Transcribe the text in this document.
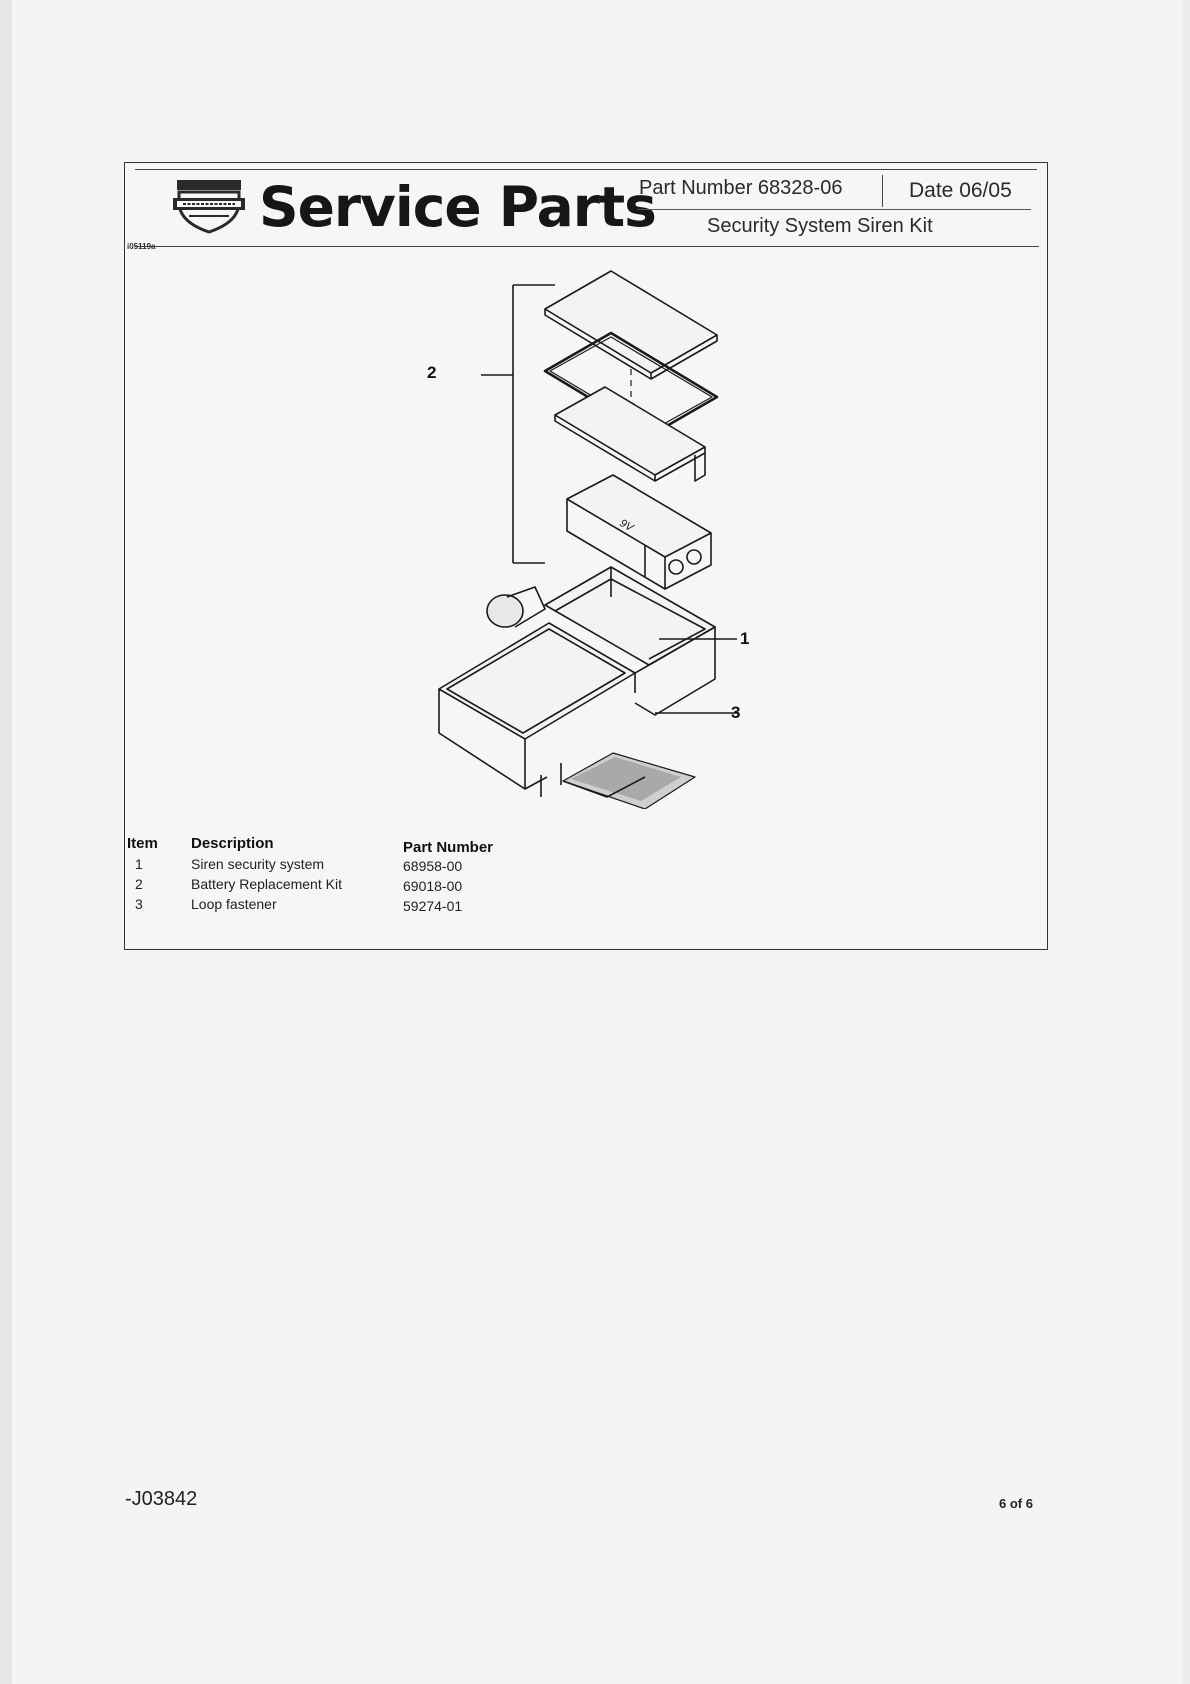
Service Parts
Part Number 68328-06	Date 06/05
Security System Siren Kit
i05119a
9V
2
1
3
Item Description	Part Number
1	Siren security system	68958-00
2	Battery Replacement Kit	69018-00
3	Loop fastener	59274-01
-J03842	6 of 6
